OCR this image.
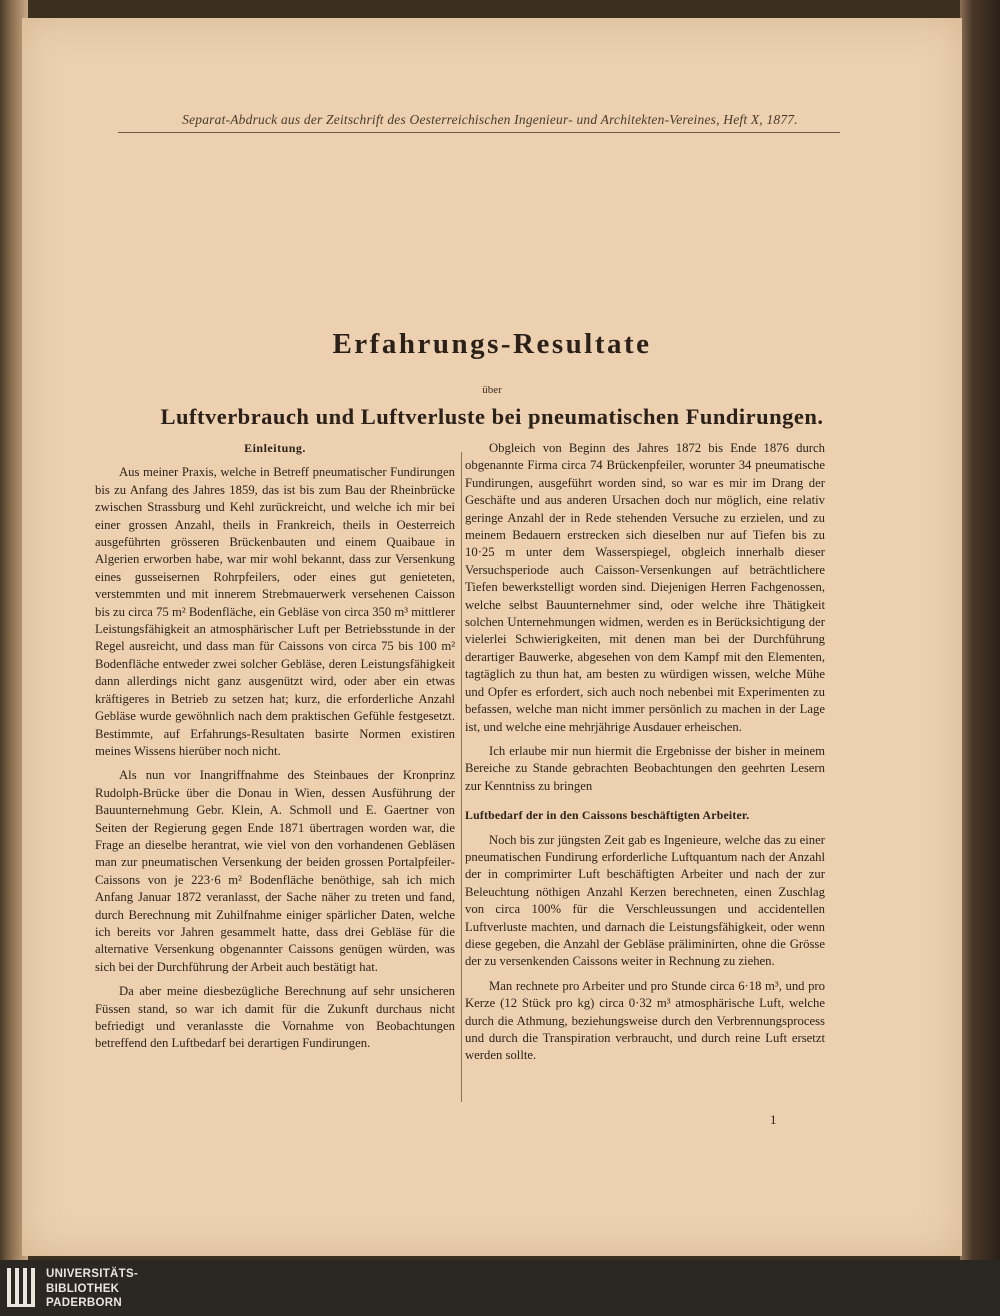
Separat-Abdruck aus der Zeitschrift des Oesterreichischen Ingenieur- und Architekten-Vereines, Heft X, 1877.
Erfahrungs-Resultate
über
Luftverbrauch und Luftverluste bei pneumatischen Fundirungen.

Einleitung.

Aus meiner Praxis, welche in Betreff pneumatischer Fundirungen bis zu Anfang des Jahres 1859, das ist bis zum Bau der Rheinbrücke zwischen Strassburg und Kehl zurückreicht, und welche ich mir bei einer grossen Anzahl, theils in Frankreich, theils in Oesterreich ausgeführten grösseren Brückenbauten und einem Quaibaue in Algerien erworben habe, war mir wohl bekannt, dass zur Versenkung eines gusseisernen Rohrpfeilers, oder eines gut genieteten, verstemmten und mit innerem Strebmauerwerk versehenen Caisson bis zu circa 75 m² Bodenfläche, ein Gebläse von circa 350 m³ mittlerer Leistungsfähigkeit an atmosphärischer Luft per Betriebsstunde in der Regel ausreicht, und dass man für Caissons von circa 75 bis 100 m² Bodenfläche entweder zwei solcher Gebläse, deren Leistungsfähigkeit dann allerdings nicht ganz ausgenützt wird, oder aber ein etwas kräftigeres in Betrieb zu setzen hat; kurz, die erforderliche Anzahl Gebläse wurde gewöhnlich nach dem praktischen Gefühle festgesetzt. Bestimmte, auf Erfahrungs-Resultaten basirte Normen existiren meines Wissens hierüber noch nicht.

Als nun vor Inangriffnahme des Steinbaues der Kronprinz Rudolph-Brücke über die Donau in Wien, dessen Ausführung der Bauunternehmung Gebr. Klein, A. Schmoll und E. Gaertner von Seiten der Regierung gegen Ende 1871 übertragen worden war, die Frage an dieselbe herantrat, wie viel von den vorhandenen Gebläsen man zur pneumatischen Versenkung der beiden grossen Portalpfeiler-Caissons von je 223·6 m² Bodenfläche benöthige, sah ich mich Anfang Januar 1872 veranlasst, der Sache näher zu treten und fand, durch Berechnung mit Zuhilfnahme einiger spärlicher Daten, welche ich bereits vor Jahren gesammelt hatte, dass drei Gebläse für die alternative Versenkung obgenannter Caissons genügen würden, was sich bei der Durchführung der Arbeit auch bestätigt hat.

Da aber meine diesbezügliche Berechnung auf sehr unsicheren Füssen stand, so war ich damit für die Zukunft durchaus nicht befriedigt und veranlasste die Vornahme von Beobachtungen betreffend den Luftbedarf bei derartigen Fundirungen.

Obgleich von Beginn des Jahres 1872 bis Ende 1876 durch obgenannte Firma circa 74 Brückenpfeiler, worunter 34 pneumatische Fundirungen, ausgeführt worden sind, so war es mir im Drang der Geschäfte und aus anderen Ursachen doch nur möglich, eine relativ geringe Anzahl der in Rede stehenden Versuche zu erzielen, und zu meinem Bedauern erstrecken sich dieselben nur auf Tiefen bis zu 10·25 m unter dem Wasserspiegel, obgleich innerhalb dieser Versuchsperiode auch Caisson-Versenkungen auf beträchtlichere Tiefen bewerkstelligt worden sind. Diejenigen Herren Fachgenossen, welche selbst Bauunternehmer sind, oder welche ihre Thätigkeit solchen Unternehmungen widmen, werden es in Berücksichtigung der vielerlei Schwierigkeiten, mit denen man bei der Durchführung derartiger Bauwerke, abgesehen von dem Kampf mit den Elementen, tagtäglich zu thun hat, am besten zu würdigen wissen, welche Mühe und Opfer es erfordert, sich auch noch nebenbei mit Experimenten zu befassen, welche man nicht immer persönlich zu machen in der Lage ist, und welche eine mehrjährige Ausdauer erheischen.

Ich erlaube mir nun hiermit die Ergebnisse der bisher in meinem Bereiche zu Stande gebrachten Beobachtungen den geehrten Lesern zur Kenntniss zu bringen

Luftbedarf der in den Caissons beschäftigten Arbeiter.

Noch bis zur jüngsten Zeit gab es Ingenieure, welche das zu einer pneumatischen Fundirung erforderliche Luftquantum nach der Anzahl der in comprimirter Luft beschäftigten Arbeiter und nach der zur Beleuchtung nöthigen Anzahl Kerzen berechneten, einen Zuschlag von circa 100% für die Verschleussungen und accidentellen Luftverluste machten, und darnach die Leistungsfähigkeit, oder wenn diese gegeben, die Anzahl der Gebläse präliminirten, ohne die Grösse der zu versenkenden Caissons weiter in Rechnung zu ziehen.

Man rechnete pro Arbeiter und pro Stunde circa 6·18 m³, und pro Kerze (12 Stück pro kg) circa 0·32 m³ atmosphärische Luft, welche durch die Athmung, beziehungsweise durch den Verbrennungsprocess und durch die Transpiration verbraucht, und durch reine Luft ersetzt werden sollte.

1
UNIVERSITÄTS-
BIBLIOTHEK
PADERBORN
